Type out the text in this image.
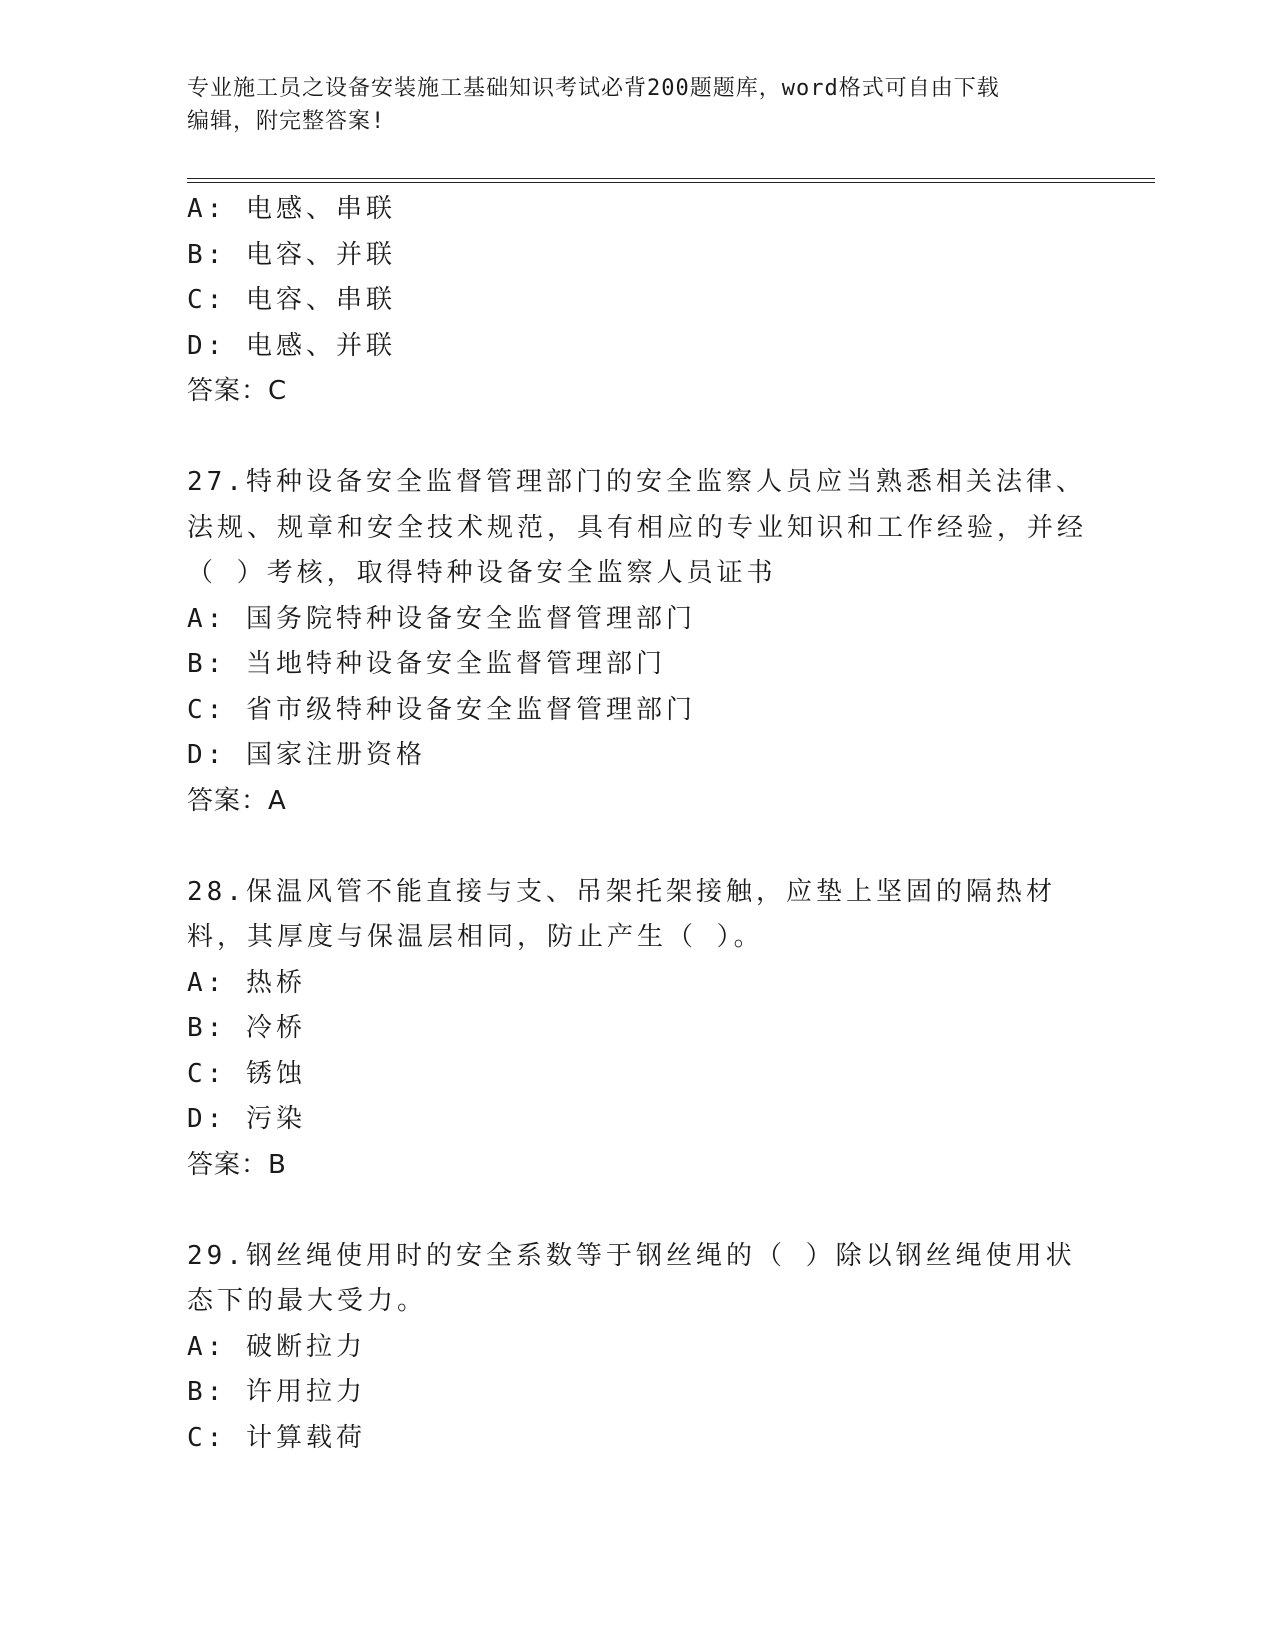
专业施工员之设备安装施工基础知识考试必背200题题库，word格式可自由下载
编辑，附完整答案!
A: 电感、串联
B: 电容、并联
C: 电容、串联
D: 电感、并联
答案：C
27.特种设备安全监督管理部门的安全监察人员应当熟悉相关法律、法规、规章和安全技术规范，具有相应的专业知识和工作经验，并经（ ）考核，取得特种设备安全监察人员证书
A: 国务院特种设备安全监督管理部门
B: 当地特种设备安全监督管理部门
C: 省市级特种设备安全监督管理部门
D: 国家注册资格
答案：A
28.保温风管不能直接与支、吊架托架接触，应垫上坚固的隔热材料，其厚度与保温层相同，防止产生（ ）。
A: 热桥
B: 冷桥
C: 锈蚀
D: 污染
答案：B
29.钢丝绳使用时的安全系数等于钢丝绳的（ ）除以钢丝绳使用状态下的最大受力。
A: 破断拉力
B: 许用拉力
C: 计算载荷
